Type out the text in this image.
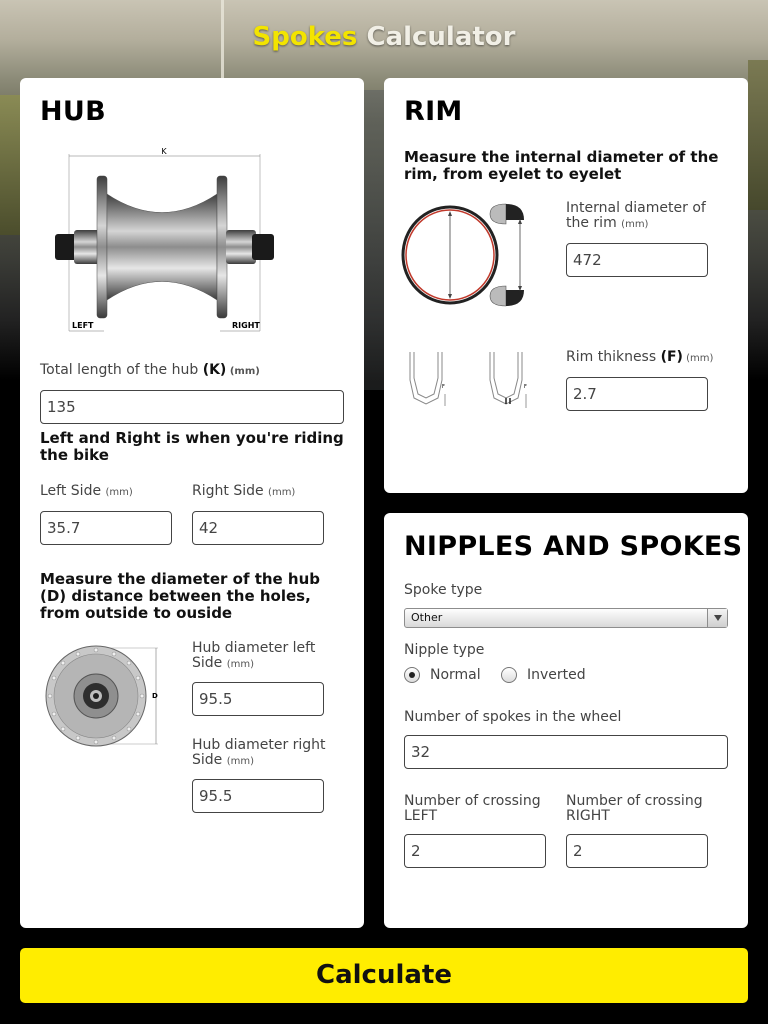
Spokes Calculator
HUB
K
LEFT	RIGHT
Total length of the hub (K) (mm)
135
Left and Right is when you're riding the bike
Left Side (mm)
35.7
Right Side (mm)
42
Measure the diameter of the hub (D) distance between the holes, from outside to ouside
D
Hub diameter left Side (mm)
95.5
Hub diameter right Side (mm)
95.5
RIM
Measure the internal diameter of the rim, from eyelet to eyelet
Internal diameter of the rim (mm)
472
F	F
Rim thikness (F) (mm)
2.7
NIPPLES AND SPOKES
Spoke type
Other
Nipple type
Normal	Inverted
Number of spokes in the wheel
32
Number of crossing LEFT
2
Number of crossing RIGHT
2
Calculate
